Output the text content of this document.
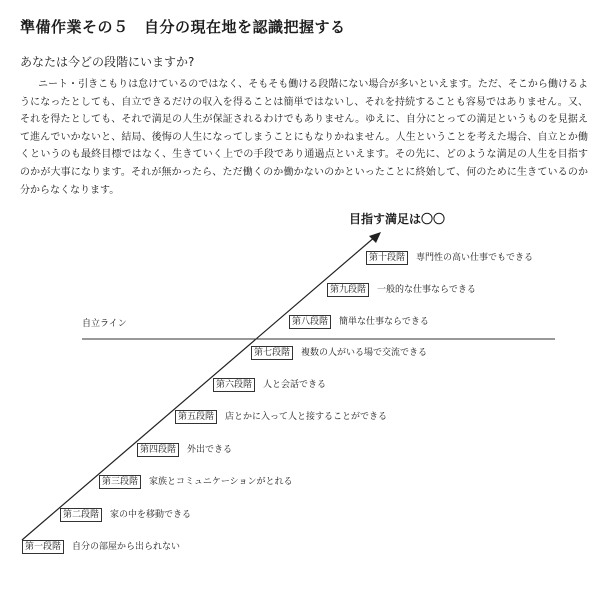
準備作業その５　自分の現在地を認識把握する
あなたは今どの段階にいますか?
ニート・引きこもりは怠けているのではなく、そもそも働ける段階にない場合が多いといえます。ただ、そこから働けるようになったとしても、自立できるだけの収入を得ることは簡単ではないし、それを持続することも容易ではありません。又、それを得たとしても、それで満足の人生が保証されるわけでもありません。ゆえに、自分にとっての満足というものを見据えて進んでいかないと、結局、後悔の人生になってしまうことにもなりかねません。人生ということを考えた場合、自立とか働くというのも最終目標ではなく、生きていく上での手段であり通過点といえます。その先に、どのような満足の人生を目指すのかが大事になります。それが無かったら、ただ働くのか働かないのかといったことに終始して、何のために生きているのか分からなくなります。
目指す満足は〇〇
自立ライン
第一段階	自分の部屋から出られない
第二段階	家の中を移動できる
第三段階	家族とコミュニケーションがとれる
第四段階	外出できる
第五段階	店とかに入って人と接することができる
第六段階	人と会話できる
第七段階	複数の人がいる場で交流できる
第八段階	簡単な仕事ならできる
第九段階	一般的な仕事ならできる
第十段階	専門性の高い仕事でもできる
